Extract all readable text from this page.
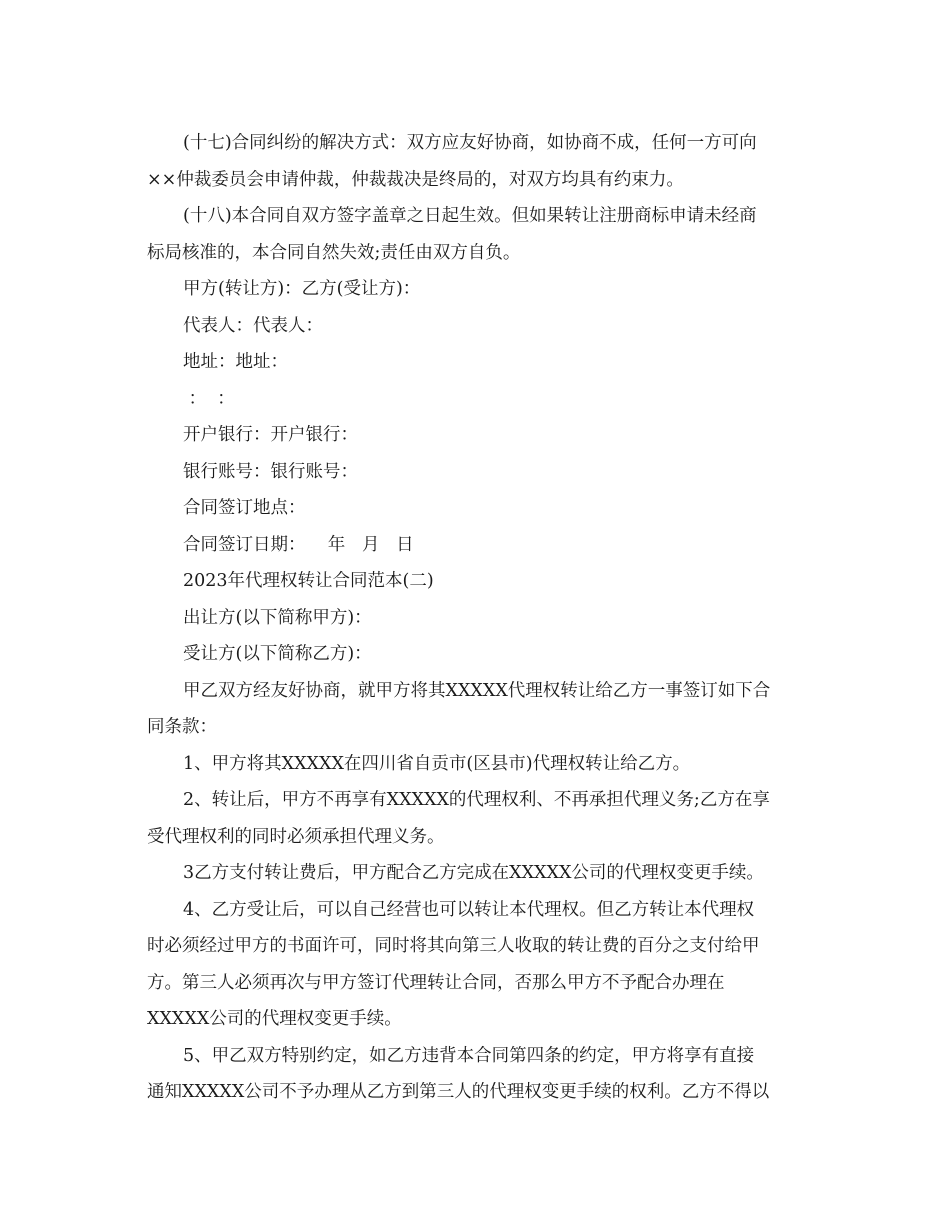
(十七)合同纠纷的解决方式：双方应友好协商，如协商不成，任何一方可向

××仲裁委员会申请仲裁，仲裁裁决是终局的，对双方均具有约束力。

(十八)本合同自双方签字盖章之日起生效。但如果转让注册商标申请未经商

标局核准的，本合同自然失效;责任由双方自负。

甲方(转让方)：乙方(受让方)：

代表人：代表人：

地址：地址：

：  ：

开户银行：开户银行：

银行账号：银行账号：

合同签订地点：

合同签订日期：    年   月   日

2023年代理权转让合同范本(二)

出让方(以下简称甲方)：

受让方(以下简称乙方)：

甲乙双方经友好协商，就甲方将其XXXXX代理权转让给乙方一事签订如下合

同条款：

1、甲方将其XXXXX在四川省自贡市(区县市)代理权转让给乙方。

2、转让后，甲方不再享有XXXXX的代理权利、不再承担代理义务;乙方在享

受代理权利的同时必须承担代理义务。

3乙方支付转让费后，甲方配合乙方完成在XXXXX公司的代理权变更手续。

4、乙方受让后，可以自己经营也可以转让本代理权。但乙方转让本代理权

时必须经过甲方的书面许可，同时将其向第三人收取的转让费的百分之支付给甲

方。第三人必须再次与甲方签订代理转让合同，否那么甲方不予配合办理在

XXXXX公司的代理权变更手续。

5、甲乙双方特别约定，如乙方违背本合同第四条的约定，甲方将享有直接

通知XXXXX公司不予办理从乙方到第三人的代理权变更手续的权利。乙方不得以
